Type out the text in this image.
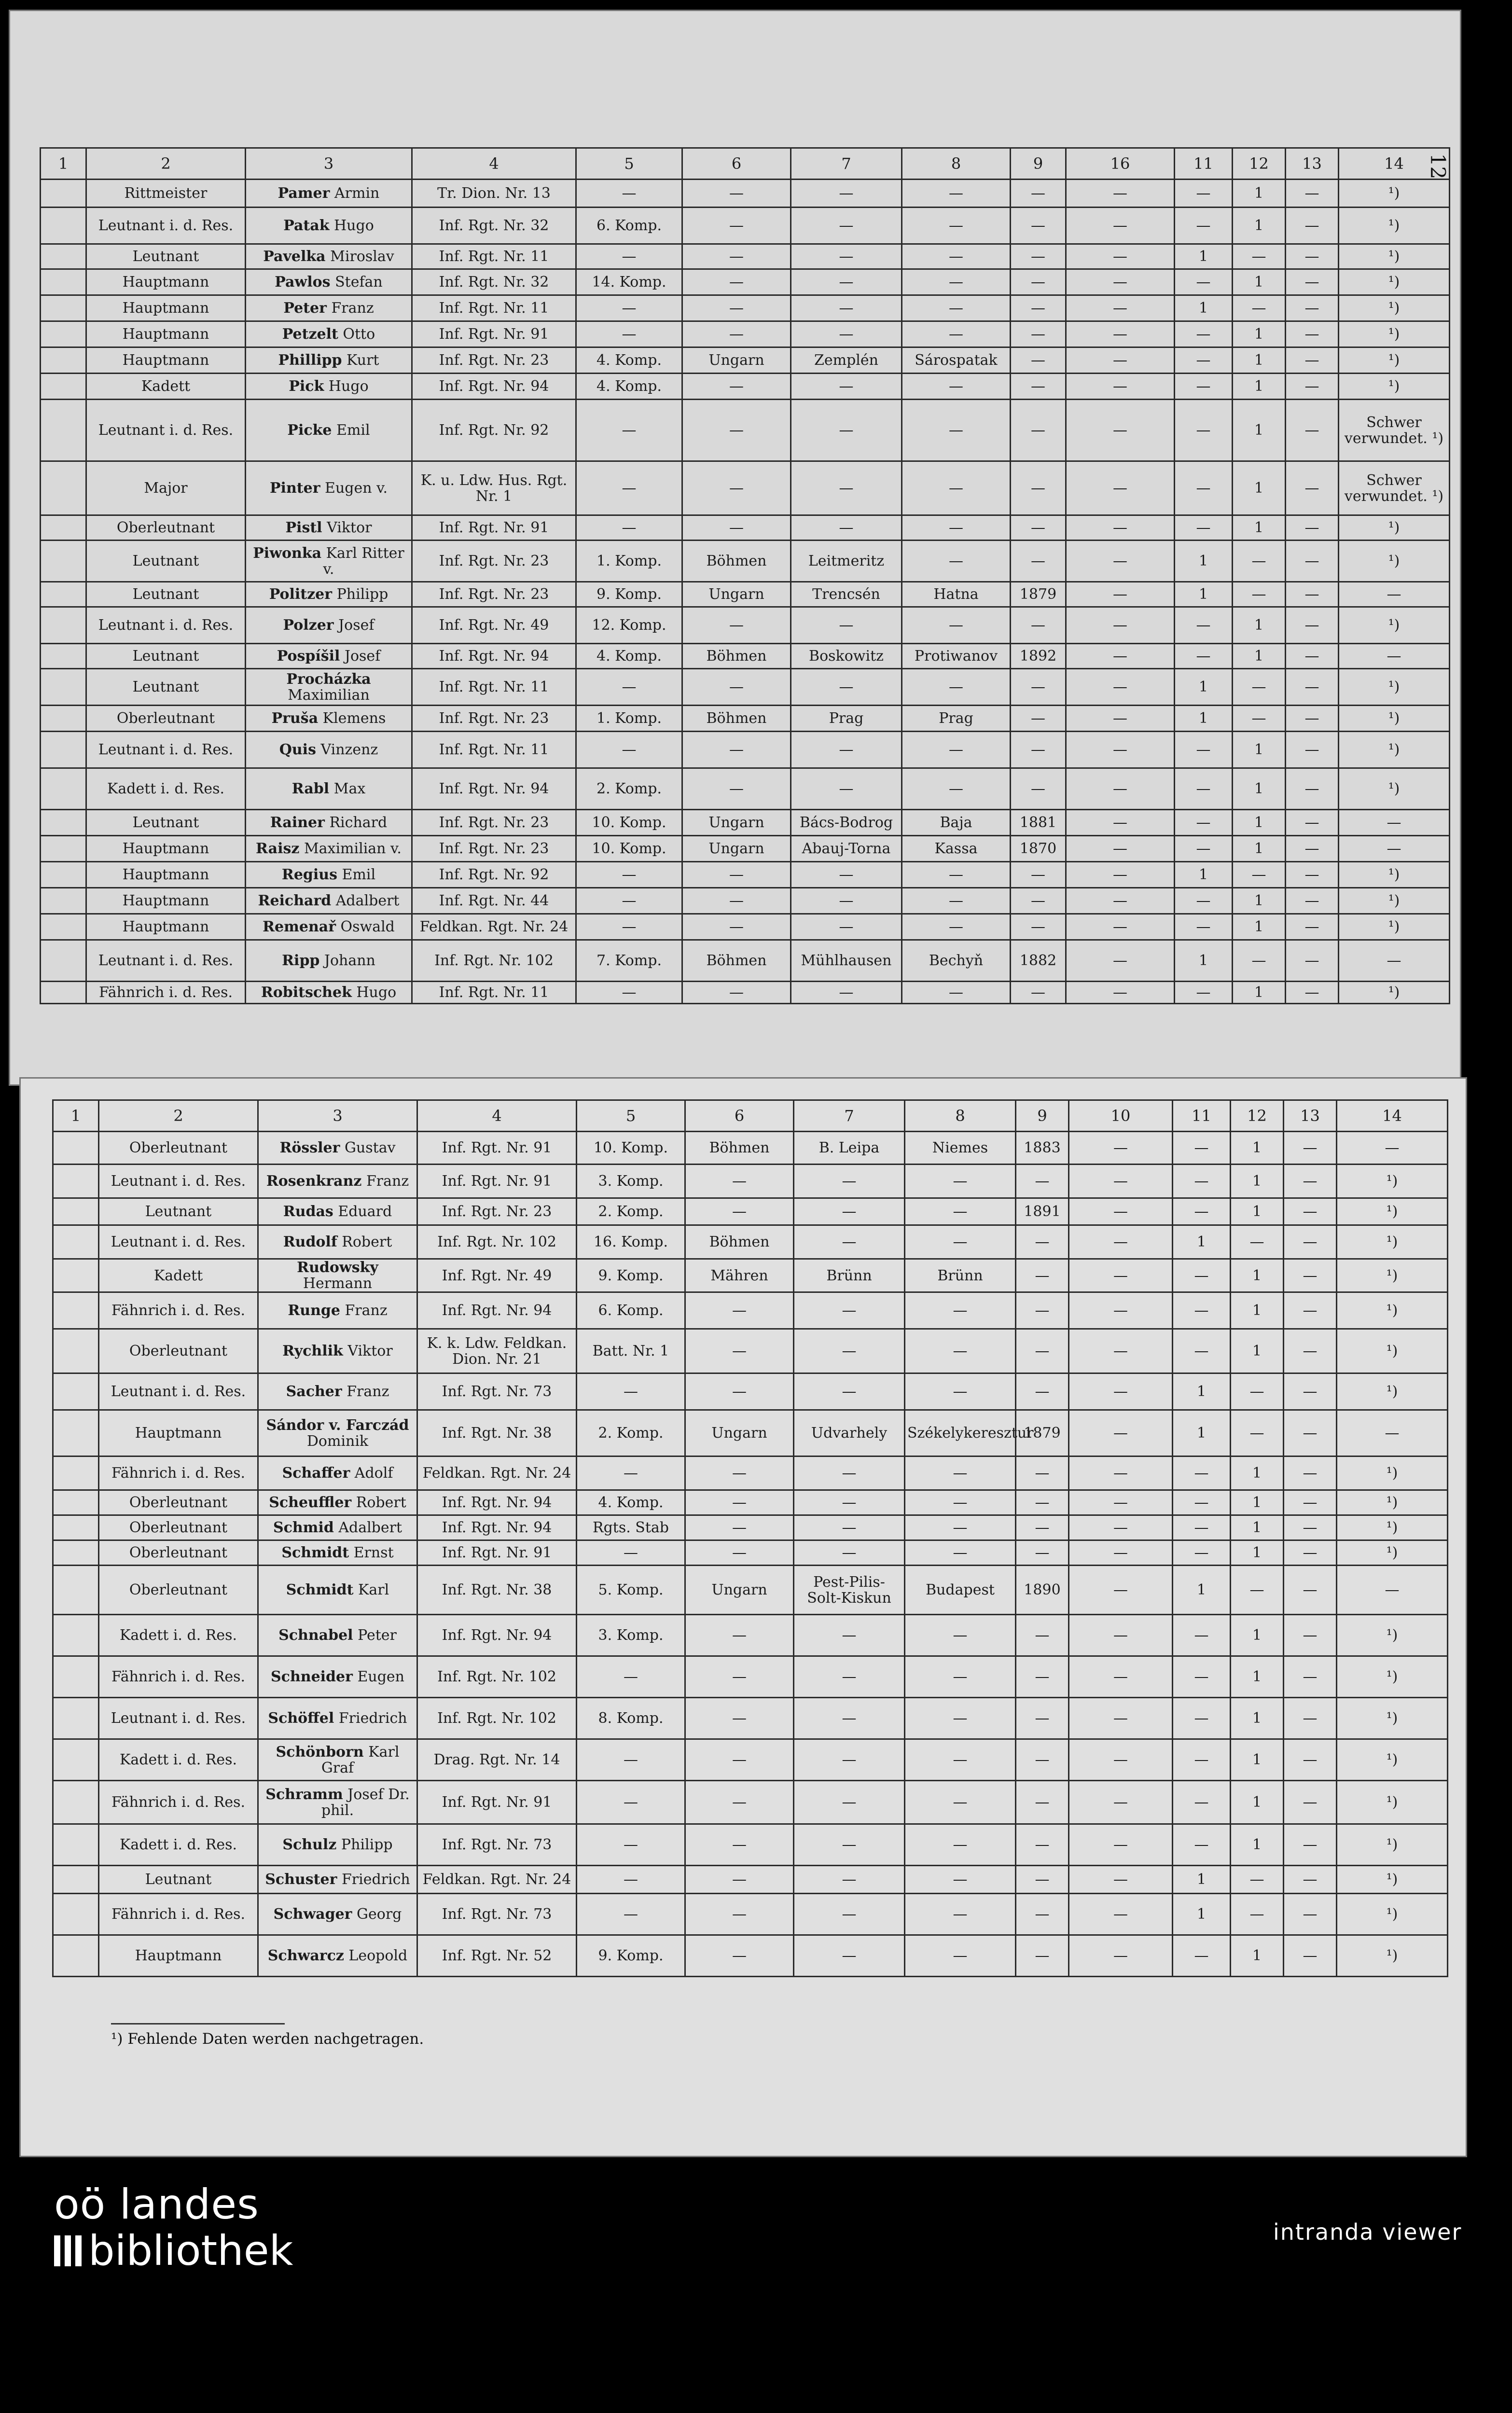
12
1	2	3	4	5	6	7	8	9	16	11	12	13	14
	Rittmeister	Pamer Armin	Tr. Dion. Nr. 13	—	—	—	—	—	—	—	1	—	¹)
	Leutnant i. d. Res.	Patak Hugo	Inf. Rgt. Nr. 32	6. Komp.	—	—	—	—	—	—	1	—	¹)
	Leutnant	Pavelka Miroslav	Inf. Rgt. Nr. 11	—	—	—	—	—	—	1	—	—	¹)
	Hauptmann	Pawlos Stefan	Inf. Rgt. Nr. 32	14. Komp.	—	—	—	—	—	—	1	—	¹)
	Hauptmann	Peter Franz	Inf. Rgt. Nr. 11	—	—	—	—	—	—	1	—	—	¹)
	Hauptmann	Petzelt Otto	Inf. Rgt. Nr. 91	—	—	—	—	—	—	—	1	—	¹)
	Hauptmann	Phillipp Kurt	Inf. Rgt. Nr. 23	4. Komp.	Ungarn	Zemplén	Sárospatak	—	—	—	1	—	¹)
	Kadett	Pick Hugo	Inf. Rgt. Nr. 94	4. Komp.	—	—	—	—	—	—	1	—	¹)
	Leutnant i. d. Res.	Picke Emil	Inf. Rgt. Nr. 92	—	—	—	—	—	—	—	1	—	Schwer verwundet. ¹)
	Major	Pinter Eugen v.	K. u. Ldw. Hus. Rgt. Nr. 1	—	—	—	—	—	—	—	1	—	Schwer verwundet. ¹)
	Oberleutnant	Pistl Viktor	Inf. Rgt. Nr. 91	—	—	—	—	—	—	—	1	—	¹)
	Leutnant	Piwonka Karl Ritter v.	Inf. Rgt. Nr. 23	1. Komp.	Böhmen	Leitmeritz	—	—	—	1	—	—	¹)
	Leutnant	Politzer Philipp	Inf. Rgt. Nr. 23	9. Komp.	Ungarn	Trencsén	Hatna	1879	—	1	—	—	—
	Leutnant i. d. Res.	Polzer Josef	Inf. Rgt. Nr. 49	12. Komp.	—	—	—	—	—	—	1	—	¹)
	Leutnant	Pospíšil Josef	Inf. Rgt. Nr. 94	4. Komp.	Böhmen	Boskowitz	Protiwanov	1892	—	—	1	—	—
	Leutnant	Procházka Maximilian	Inf. Rgt. Nr. 11	—	—	—	—	—	—	1	—	—	¹)
	Oberleutnant	Pruša Klemens	Inf. Rgt. Nr. 23	1. Komp.	Böhmen	Prag	Prag	—	—	1	—	—	¹)
	Leutnant i. d. Res.	Quis Vinzenz	Inf. Rgt. Nr. 11	—	—	—	—	—	—	—	1	—	¹)
	Kadett i. d. Res.	Rabl Max	Inf. Rgt. Nr. 94	2. Komp.	—	—	—	—	—	—	1	—	¹)
	Leutnant	Rainer Richard	Inf. Rgt. Nr. 23	10. Komp.	Ungarn	Bács-Bodrog	Baja	1881	—	—	1	—	—
	Hauptmann	Raisz Maximilian v.	Inf. Rgt. Nr. 23	10. Komp.	Ungarn	Abauj-Torna	Kassa	1870	—	—	1	—	—
	Hauptmann	Regius Emil	Inf. Rgt. Nr. 92	—	—	—	—	—	—	1	—	—	¹)
	Hauptmann	Reichard Adalbert	Inf. Rgt. Nr. 44	—	—	—	—	—	—	—	1	—	¹)
	Hauptmann	Remenař Oswald	Feldkan. Rgt. Nr. 24	—	—	—	—	—	—	—	1	—	¹)
	Leutnant i. d. Res.	Ripp Johann	Inf. Rgt. Nr. 102	7. Komp.	Böhmen	Mühlhausen	Bechyň	1882	—	1	—	—	—
	Fähnrich i. d. Res.	Robitschek Hugo	Inf. Rgt. Nr. 11	—	—	—	—	—	—	—	1	—	¹)
1	2	3	4	5	6	7	8	9	10	11	12	13	14
	Oberleutnant	Rössler Gustav	Inf. Rgt. Nr. 91	10. Komp.	Böhmen	B. Leipa	Niemes	1883	—	—	1	—	—
	Leutnant i. d. Res.	Rosenkranz Franz	Inf. Rgt. Nr. 91	3. Komp.	—	—	—	—	—	—	1	—	¹)
	Leutnant	Rudas Eduard	Inf. Rgt. Nr. 23	2. Komp.	—	—	—	1891	—	—	1	—	¹)
	Leutnant i. d. Res.	Rudolf Robert	Inf. Rgt. Nr. 102	16. Komp.	Böhmen	—	—	—	—	1	—	—	¹)
	Kadett	Rudowsky Hermann	Inf. Rgt. Nr. 49	9. Komp.	Mähren	Brünn	Brünn	—	—	—	1	—	¹)
	Fähnrich i. d. Res.	Runge Franz	Inf. Rgt. Nr. 94	6. Komp.	—	—	—	—	—	—	1	—	¹)
	Oberleutnant	Rychlik Viktor	K. k. Ldw. Feldkan. Dion. Nr. 21	Batt. Nr. 1	—	—	—	—	—	—	1	—	¹)
	Leutnant i. d. Res.	Sacher Franz	Inf. Rgt. Nr. 73	—	—	—	—	—	—	1	—	—	¹)
	Hauptmann	Sándor v. Farczád Dominik	Inf. Rgt. Nr. 38	2. Komp.	Ungarn	Udvarhely	Székelykeresztur	1879	—	1	—	—	—
	Fähnrich i. d. Res.	Schaffer Adolf	Feldkan. Rgt. Nr. 24	—	—	—	—	—	—	—	1	—	¹)
	Oberleutnant	Scheuffler Robert	Inf. Rgt. Nr. 94	4. Komp.	—	—	—	—	—	—	1	—	¹)
	Oberleutnant	Schmid Adalbert	Inf. Rgt. Nr. 94	Rgts. Stab	—	—	—	—	—	—	1	—	¹)
	Oberleutnant	Schmidt Ernst	Inf. Rgt. Nr. 91	—	—	—	—	—	—	—	1	—	¹)
	Oberleutnant	Schmidt Karl	Inf. Rgt. Nr. 38	5. Komp.	Ungarn	Pest-Pilis-Solt-Kiskun	Budapest	1890	—	1	—	—	—
	Kadett i. d. Res.	Schnabel Peter	Inf. Rgt. Nr. 94	3. Komp.	—	—	—	—	—	—	1	—	¹)
	Fähnrich i. d. Res.	Schneider Eugen	Inf. Rgt. Nr. 102	—	—	—	—	—	—	—	1	—	¹)
	Leutnant i. d. Res.	Schöffel Friedrich	Inf. Rgt. Nr. 102	8. Komp.	—	—	—	—	—	—	1	—	¹)
	Kadett i. d. Res.	Schönborn Karl Graf	Drag. Rgt. Nr. 14	—	—	—	—	—	—	—	1	—	¹)
	Fähnrich i. d. Res.	Schramm Josef Dr. phil.	Inf. Rgt. Nr. 91	—	—	—	—	—	—	—	1	—	¹)
	Kadett i. d. Res.	Schulz Philipp	Inf. Rgt. Nr. 73	—	—	—	—	—	—	—	1	—	¹)
	Leutnant	Schuster Friedrich	Feldkan. Rgt. Nr. 24	—	—	—	—	—	—	1	—	—	¹)
	Fähnrich i. d. Res.	Schwager Georg	Inf. Rgt. Nr. 73	—	—	—	—	—	—	1	—	—	¹)
	Hauptmann	Schwarcz Leopold	Inf. Rgt. Nr. 52	9. Komp.	—	—	—	—	—	—	1	—	¹)
¹) Fehlende Daten werden nachgetragen.
oö landes
bibliothek	intranda viewer
